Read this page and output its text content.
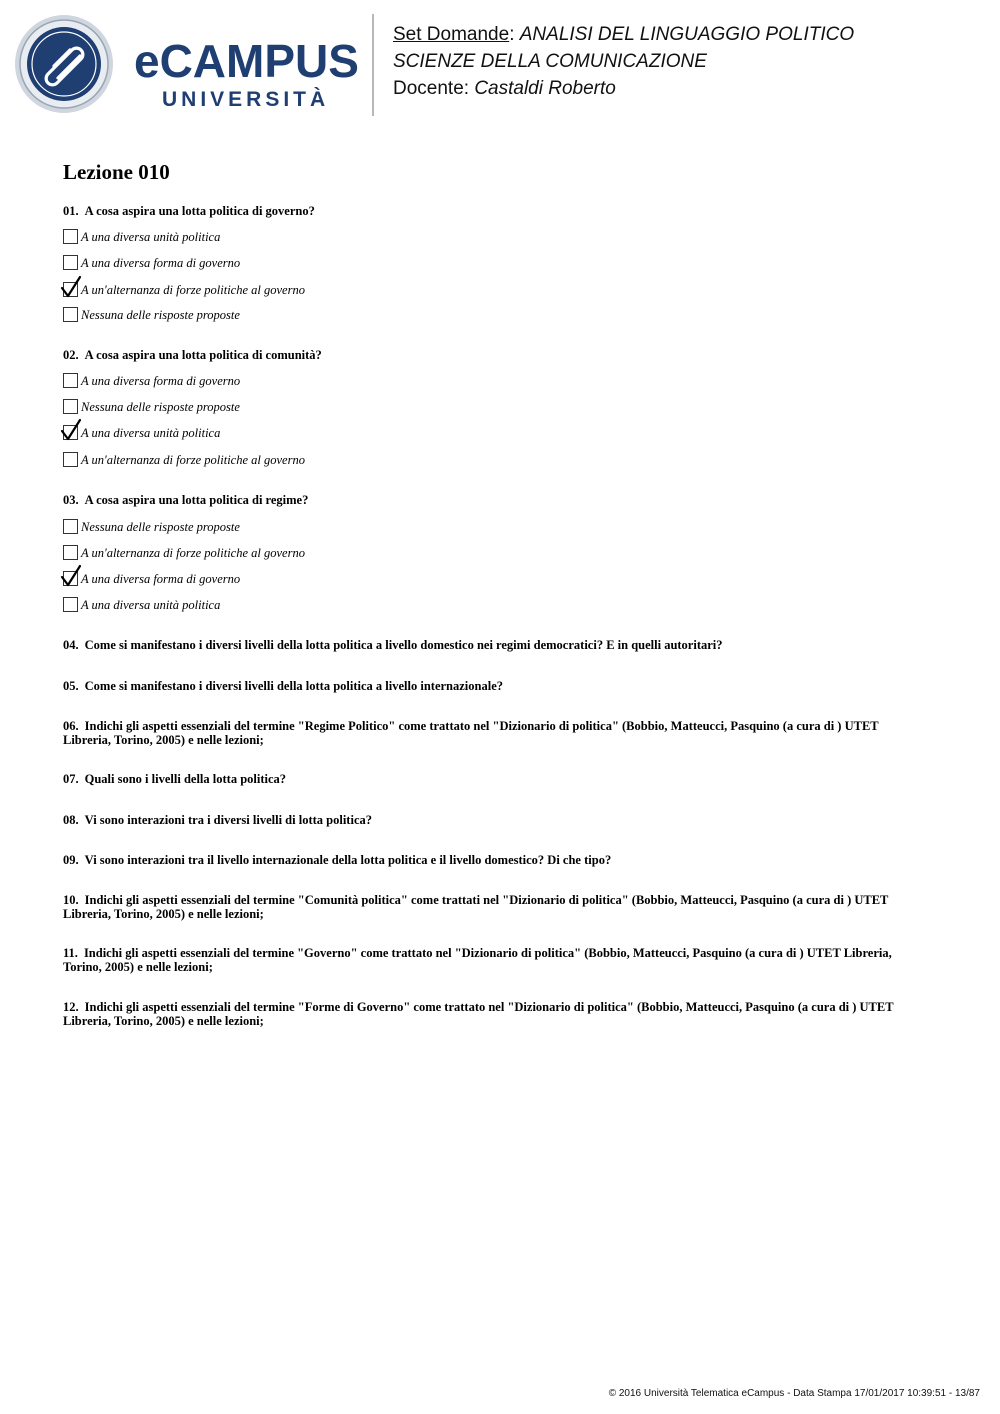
eCAMPUS
UNIVERSITÀ
Set Domande: ANALISI DEL LINGUAGGIO POLITICO
SCIENZE DELLA COMUNICAZIONE
Docente: Castaldi Roberto
Lezione 010
01. A cosa aspira una lotta politica di governo?
A una diversa unità politica
A una diversa forma di governo
A un'alternanza di forze politiche al governo
Nessuna delle risposte proposte
02. A cosa aspira una lotta politica di comunità?
A una diversa forma di governo
Nessuna delle risposte proposte
A una diversa unità politica
A un'alternanza di forze politiche al governo
03. A cosa aspira una lotta politica di regime?
Nessuna delle risposte proposte
A un'alternanza di forze politiche al governo
A una diversa forma di governo
A una diversa unità politica
04. Come si manifestano i diversi livelli della lotta politica a livello domestico nei regimi democratici? E in quelli autoritari?
05. Come si manifestano i diversi livelli della lotta politica a livello internazionale?
06. Indichi gli aspetti essenziali del termine "Regime Politico" come trattato nel "Dizionario di politica" (Bobbio, Matteucci, Pasquino (a cura di ) UTET Libreria, Torino, 2005) e nelle lezioni;
07. Quali sono i livelli della lotta politica?
08. Vi sono interazioni tra i diversi livelli di lotta politica?
09. Vi sono interazioni tra il livello internazionale della lotta politica e il livello domestico? Di che tipo?
10. Indichi gli aspetti essenziali del termine "Comunità politica" come trattati nel "Dizionario di politica" (Bobbio, Matteucci, Pasquino (a cura di ) UTET Libreria, Torino, 2005) e nelle lezioni;
11. Indichi gli aspetti essenziali del termine "Governo" come trattato nel "Dizionario di politica" (Bobbio, Matteucci, Pasquino (a cura di ) UTET Libreria, Torino, 2005) e nelle lezioni;
12. Indichi gli aspetti essenziali del termine "Forme di Governo" come trattato nel "Dizionario di politica" (Bobbio, Matteucci, Pasquino (a cura di ) UTET Libreria, Torino, 2005) e nelle lezioni;
© 2016 Università Telematica eCampus - Data Stampa 17/01/2017 10:39:51 - 13/87
